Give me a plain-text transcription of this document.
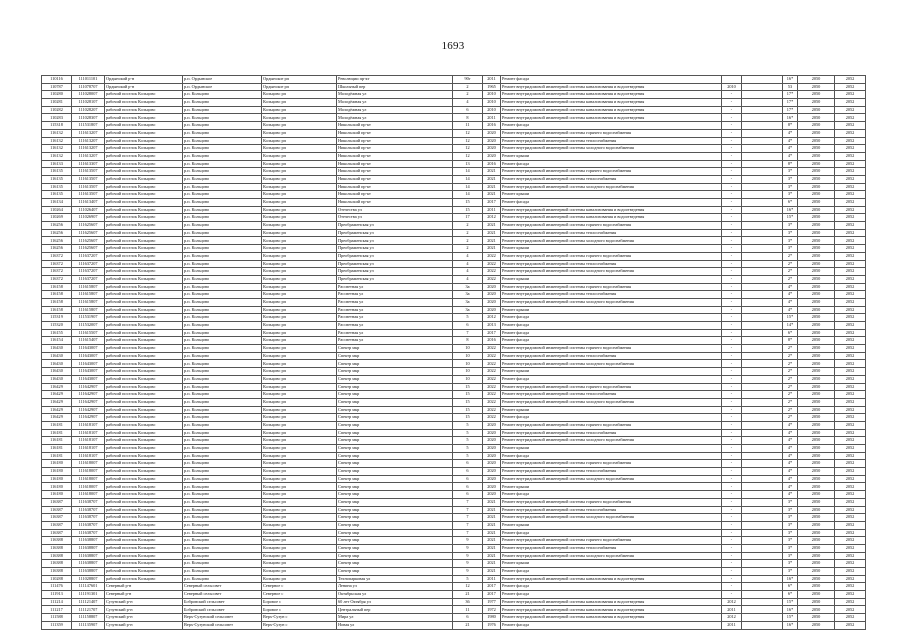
1693
110116	111011101	Ордынский р-н	р.п. Ордынское	Ордынское рп	Революции пр-кт	90г	2011	Ремонт фасада			16*	2050	2052
110787	111078707	Ордынский р-н	р.п. Ордынское	Ордынское рп	Школьный пер	2	1965	Ремонт внутридомовой инженерной системы канализования и водоотведения	2010		53	2050	2052
110280	111028007	рабочий поселок Кольцово	р.п. Кольцово	Кольцово рп	Молодёжная ул	2	2010	Ремонт внутридомовой инженерной системы канализования и водоотведения	-		17*	2050	2052
110281	111028107	рабочий поселок Кольцово	р.п. Кольцово	Кольцово рп	Молодёжная ул	4	2010	Ремонт внутридомовой инженерной системы канализования и водоотведения	-		17*	2050	2052
110282	111028207	рабочий поселок Кольцово	р.п. Кольцово	Кольцово рп	Молодёжная ул	6	2010	Ремонт внутридомовой инженерной системы канализования и водоотведения	-		17*	2050	2052
110283	111028307	рабочий поселок Кольцово	р.п. Кольцово	Кольцово рп	Молодёжная ул	8	2011	Ремонт внутридомовой инженерной системы канализования и водоотведения	-		16*	2050	2052
115318	111531807	рабочий поселок Кольцово	р.п. Кольцово	Кольцово рп	Никольский пр-кт	11	2016	Ремонт фасада	-		8*	2050	2052
116132	111613207	рабочий поселок Кольцово	р.п. Кольцово	Кольцово рп	Никольский пр-кт	12	2020	Ремонт внутридомовой инженерной системы горячего водоснабжения	-		4*	2050	2052
116132	111613207	рабочий поселок Кольцово	р.п. Кольцово	Кольцово рп	Никольский пр-кт	12	2020	Ремонт внутридомовой инженерной системы теплоснабжения	-		4*	2050	2052
116132	111613207	рабочий поселок Кольцово	р.п. Кольцово	Кольцово рп	Никольский пр-кт	12	2020	Ремонт внутридомовой инженерной системы холодного водоснабжения	-		4*	2050	2052
116132	111613207	рабочий поселок Кольцово	р.п. Кольцово	Кольцово рп	Никольский пр-кт	12	2020	Ремонт крыши	-		4*	2050	2052
116133	111613307	рабочий поселок Кольцово	р.п. Кольцово	Кольцово рп	Никольский пр-кт	13	2016	Ремонт фасада	-		8*	2050	2052
116135	111613507	рабочий поселок Кольцово	р.п. Кольцово	Кольцово рп	Никольский пр-кт	14	2021	Ремонт внутридомовой инженерной системы горячего водоснабжения	-		3*	2050	2052
116135	111613507	рабочий поселок Кольцово	р.п. Кольцово	Кольцово рп	Никольский пр-кт	14	2021	Ремонт внутридомовой инженерной системы теплоснабжения	-		3*	2050	2052
116135	111613507	рабочий поселок Кольцово	р.п. Кольцово	Кольцово рп	Никольский пр-кт	14	2021	Ремонт внутридомовой инженерной системы холодного водоснабжения	-		3*	2050	2052
116135	111613507	рабочий поселок Кольцово	р.п. Кольцово	Кольцово рп	Никольский пр-кт	14	2021	Ремонт крыши	-		3*	2050	2052
116134	111613407	рабочий поселок Кольцово	р.п. Кольцово	Кольцово рп	Никольский пр-кт	15	2017	Ремонт фасада	-		6*	2050	2052
110264	111026407	рабочий поселок Кольцово	р.п. Кольцово	Кольцово рп	Отечества ул	15	2011	Ремонт внутридомовой инженерной системы канализования и водоотведения	-		16*	2050	2052
110269	111026907	рабочий поселок Кольцово	р.п. Кольцово	Кольцово рп	Отечества ул	17	2012	Ремонт внутридомовой инженерной системы канализования и водоотведения	-		15*	2050	2052
116256	111625607	рабочий поселок Кольцово	р.п. Кольцово	Кольцово рп	Преображенская ул	2	2021	Ремонт внутридомовой инженерной системы горячего водоснабжения	-		3*	2050	2052
116256	111625607	рабочий поселок Кольцово	р.п. Кольцово	Кольцово рп	Преображенская ул	2	2021	Ремонт внутридомовой инженерной системы теплоснабжения	-		3*	2050	2052
116256	111625607	рабочий поселок Кольцово	р.п. Кольцово	Кольцово рп	Преображенская ул	2	2021	Ремонт внутридомовой инженерной системы холодного водоснабжения	-		3*	2050	2052
116256	111625607	рабочий поселок Кольцово	р.п. Кольцово	Кольцово рп	Преображенская ул	2	2021	Ремонт крыши	-		3*	2050	2052
116372	111637207	рабочий поселок Кольцово	р.п. Кольцово	Кольцово рп	Преображенская ул	4	2022	Ремонт внутридомовой инженерной системы горячего водоснабжения	-		2*	2050	2052
116372	111637207	рабочий поселок Кольцово	р.п. Кольцово	Кольцово рп	Преображенская ул	4	2022	Ремонт внутридомовой инженерной системы теплоснабжения	-		2*	2050	2052
116372	111637207	рабочий поселок Кольцово	р.п. Кольцово	Кольцово рп	Преображенская ул	4	2022	Ремонт внутридомовой инженерной системы холодного водоснабжения	-		2*	2050	2052
116372	111637207	рабочий поселок Кольцово	р.п. Кольцово	Кольцово рп	Преображенская ул	4	2022	Ремонт крыши	-		2*	2050	2052
116158	111615807	рабочий поселок Кольцово	р.п. Кольцово	Кольцово рп	Рассветная ул	3а	2020	Ремонт внутридомовой инженерной системы горячего водоснабжения	-		4*	2050	2052
116158	111615807	рабочий поселок Кольцово	р.п. Кольцово	Кольцово рп	Рассветная ул	3а	2020	Ремонт внутридомовой инженерной системы теплоснабжения	-		4*	2050	2052
116158	111615807	рабочий поселок Кольцово	р.п. Кольцово	Кольцово рп	Рассветная ул	3а	2020	Ремонт внутридомовой инженерной системы холодного водоснабжения	-		4*	2050	2052
116158	111615807	рабочий поселок Кольцово	р.п. Кольцово	Кольцово рп	Рассветная ул	3а	2020	Ремонт крыши	-		4*	2050	2052
115319	111531907	рабочий поселок Кольцово	р.п. Кольцово	Кольцово рп	Рассветная ул	5	2012	Ремонт фасада	-		15*	2050	2052
115320	111532007	рабочий поселок Кольцово	р.п. Кольцово	Кольцово рп	Рассветная ул	6	2013	Ремонт фасада	-		14*	2050	2052
116155	111615507	рабочий поселок Кольцово	р.п. Кольцово	Кольцово рп	Рассветная ул	7	2017	Ремонт фасада	-		6*	2050	2052
116154	111615407	рабочий поселок Кольцово	р.п. Кольцово	Кольцово рп	Рассветная ул	8	2016	Ремонт фасада	-		8*	2050	2052
116430	111643007	рабочий поселок Кольцово	р.п. Кольцово	Кольцово рп	Спектр мкр	10	2022	Ремонт внутридомовой инженерной системы горячего водоснабжения	-		2*	2050	2052
116430	111643007	рабочий поселок Кольцово	р.п. Кольцово	Кольцово рп	Спектр мкр	10	2022	Ремонт внутридомовой инженерной системы теплоснабжения	-		2*	2050	2052
116430	111643007	рабочий поселок Кольцово	р.п. Кольцово	Кольцово рп	Спектр мкр	10	2022	Ремонт внутридомовой инженерной системы холодного водоснабжения	-		2*	2050	2052
116430	111643007	рабочий поселок Кольцово	р.п. Кольцово	Кольцово рп	Спектр мкр	10	2022	Ремонт крыши	-		2*	2050	2052
116430	111643007	рабочий поселок Кольцово	р.п. Кольцово	Кольцово рп	Спектр мкр	10	2022	Ремонт фасада	-		2*	2050	2052
116429	111642907	рабочий поселок Кольцово	р.п. Кольцово	Кольцово рп	Спектр мкр	15	2022	Ремонт внутридомовой инженерной системы горячего водоснабжения	-		2*	2050	2052
116429	111642907	рабочий поселок Кольцово	р.п. Кольцово	Кольцово рп	Спектр мкр	15	2022	Ремонт внутридомовой инженерной системы теплоснабжения	-		2*	2050	2052
116429	111642907	рабочий поселок Кольцово	р.п. Кольцово	Кольцово рп	Спектр мкр	15	2022	Ремонт внутридомовой инженерной системы холодного водоснабжения	-		2*	2050	2052
116429	111642907	рабочий поселок Кольцово	р.п. Кольцово	Кольцово рп	Спектр мкр	15	2022	Ремонт крыши	-		2*	2050	2052
116429	111642907	рабочий поселок Кольцово	р.п. Кольцово	Кольцово рп	Спектр мкр	15	2022	Ремонт фасада	-		2*	2050	2052
116181	111618107	рабочий поселок Кольцово	р.п. Кольцово	Кольцово рп	Спектр мкр	5	2020	Ремонт внутридомовой инженерной системы горячего водоснабжения	-		4*	2050	2052
116181	111618107	рабочий поселок Кольцово	р.п. Кольцово	Кольцово рп	Спектр мкр	5	2020	Ремонт внутридомовой инженерной системы теплоснабжения	-		4*	2050	2052
116181	111618107	рабочий поселок Кольцово	р.п. Кольцово	Кольцово рп	Спектр мкр	5	2020	Ремонт внутридомовой инженерной системы холодного водоснабжения	-		4*	2050	2052
116181	111618107	рабочий поселок Кольцово	р.п. Кольцово	Кольцово рп	Спектр мкр	5	2020	Ремонт крыши	-		4*	2050	2052
116181	111618107	рабочий поселок Кольцово	р.п. Кольцово	Кольцово рп	Спектр мкр	5	2020	Ремонт фасада	-		4*	2050	2052
116180	111618007	рабочий поселок Кольцово	р.п. Кольцово	Кольцово рп	Спектр мкр	6	2020	Ремонт внутридомовой инженерной системы горячего водоснабжения	-		4*	2050	2052
116180	111618007	рабочий поселок Кольцово	р.п. Кольцово	Кольцово рп	Спектр мкр	6	2020	Ремонт внутридомовой инженерной системы теплоснабжения	-		4*	2050	2052
116180	111618007	рабочий поселок Кольцово	р.п. Кольцово	Кольцово рп	Спектр мкр	6	2020	Ремонт внутридомовой инженерной системы холодного водоснабжения	-		4*	2050	2052
116180	111618007	рабочий поселок Кольцово	р.п. Кольцово	Кольцово рп	Спектр мкр	6	2020	Ремонт крыши	-		4*	2050	2052
116180	111618007	рабочий поселок Кольцово	р.п. Кольцово	Кольцово рп	Спектр мкр	6	2020	Ремонт фасада	-		4*	2050	2052
116387	111638707	рабочий поселок Кольцово	р.п. Кольцово	Кольцово рп	Спектр мкр	7	2021	Ремонт внутридомовой инженерной системы горячего водоснабжения	-		3*	2050	2052
116387	111638707	рабочий поселок Кольцово	р.п. Кольцово	Кольцово рп	Спектр мкр	7	2021	Ремонт внутридомовой инженерной системы теплоснабжения	-		3*	2050	2052
116387	111638707	рабочий поселок Кольцово	р.п. Кольцово	Кольцово рп	Спектр мкр	7	2021	Ремонт внутридомовой инженерной системы холодного водоснабжения	-		3*	2050	2052
116387	111638707	рабочий поселок Кольцово	р.п. Кольцово	Кольцово рп	Спектр мкр	7	2021	Ремонт крыши	-		3*	2050	2052
116387	111638707	рабочий поселок Кольцово	р.п. Кольцово	Кольцово рп	Спектр мкр	7	2021	Ремонт фасада	-		3*	2050	2052
116388	111638807	рабочий поселок Кольцово	р.п. Кольцово	Кольцово рп	Спектр мкр	9	2021	Ремонт внутридомовой инженерной системы горячего водоснабжения	-		3*	2050	2052
116388	111638807	рабочий поселок Кольцово	р.п. Кольцово	Кольцово рп	Спектр мкр	9	2021	Ремонт внутридомовой инженерной системы теплоснабжения	-		3*	2050	2052
116388	111638807	рабочий поселок Кольцово	р.п. Кольцово	Кольцово рп	Спектр мкр	9	2021	Ремонт внутридомовой инженерной системы холодного водоснабжения	-		3*	2050	2052
116388	111638807	рабочий поселок Кольцово	р.п. Кольцово	Кольцово рп	Спектр мкр	9	2021	Ремонт крыши	-		3*	2050	2052
116388	111638807	рабочий поселок Кольцово	р.п. Кольцово	Кольцово рп	Спектр мкр	9	2021	Ремонт фасада	-		3*	2050	2052
110288	111028807	рабочий поселок Кольцово	р.п. Кольцово	Кольцово рп	Технопарковая ул	5	2011	Ремонт внутридомовой инженерной системы канализования и водоотведения	-		16*	2050	2052
111476	111147601	Северный р-н	Северный сельсовет	Северное с	Ленина ул	12	2017	Ремонт фасада	-		6*	2050	2052
111913	111191301	Северный р-н	Северный сельсовет	Северное с	Октябрьская ул	21	2017	Ремонт фасада	-		6*	2050	2052
111214	111121407	Сузунский р-н	Бобровский сельсовет	Боровое с	60 лет Октября ул	36	1977	Ремонт внутридомовой инженерной системы канализования и водоотведения	2012		15*	2050	2052
111217	111121707	Сузунский р-н	Бобровский сельсовет	Боровое с	Центральный пер	11	1972	Ремонт внутридомовой инженерной системы канализования и водоотведения	2011		16*	2050	2052
111588	111158807	Сузунский р-н	Верх-Сузунский сельсовет	Верх-Сузун с	Мира ул	6	1980	Ремонт внутридомовой инженерной системы канализования и водоотведения	2012		15*	2050	2052
111359	111135907	Сузунский р-н	Верх-Сузунский сельсовет	Верх-Сузун с	Новая ул	21	1976	Ремонт фасада	2011		16*	2050	2052
